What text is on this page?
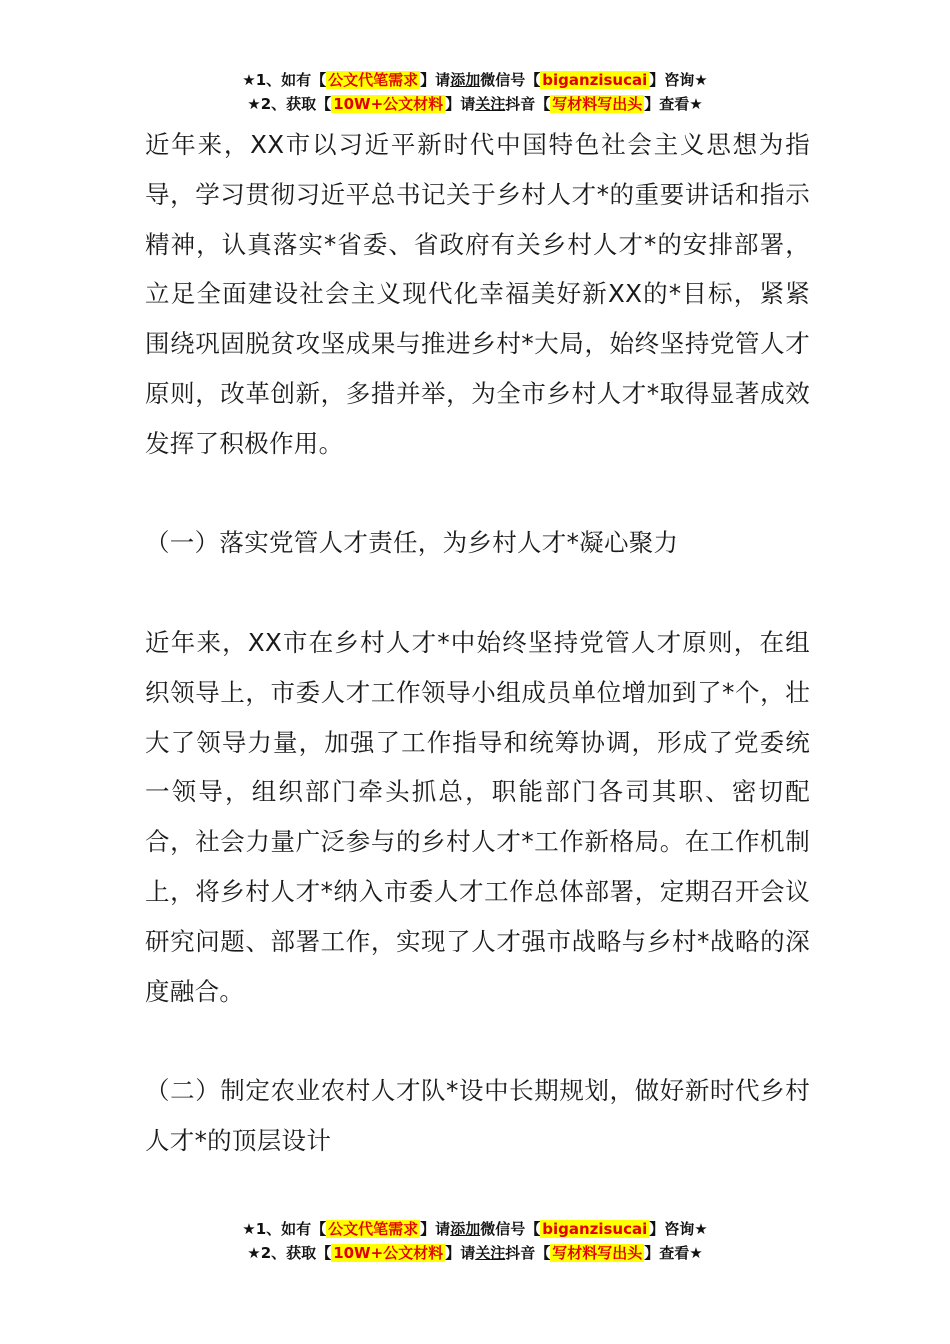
★1、如有【 公文代笔需求 】请添加微信号【 biganzisucai 】咨询★
★2、获取【 10W+公文材料 】请关注抖音【 写材料写出头 】查看★

近年来，XX市以习近平新时代中国特色社会主义思想为指导，学习贯彻习近平总书记关于乡村人才*的重要讲话和指示精神，认真落实*省委、省政府有关乡村人才*的安排部署，立足全面建设社会主义现代化幸福美好新XX的*目标，紧紧围绕巩固脱贫攻坚成果与推进乡村*大局，始终坚持党管人才原则，改革创新，多措并举，为全市乡村人才*取得显著成效发挥了积极作用。

（一）落实党管人才责任，为乡村人才*凝心聚力

近年来，XX市在乡村人才*中始终坚持党管人才原则，在组织领导上，市委人才工作领导小组成员单位增加到了*个，壮大了领导力量，加强了工作指导和统筹协调，形成了党委统一领导，组织部门牵头抓总，职能部门各司其职、密切配合，社会力量广泛参与的乡村人才*工作新格局。在工作机制上，将乡村人才*纳入市委人才工作总体部署，定期召开会议研究问题、部署工作，实现了人才强市战略与乡村*战略的深度融合。

（二）制定农业农村人才队*设中长期规划，做好新时代乡村人才*的顶层设计

★1、如有【 公文代笔需求 】请添加微信号【 biganzisucai 】咨询★
★2、获取【 10W+公文材料 】请关注抖音【 写材料写出头 】查看★
